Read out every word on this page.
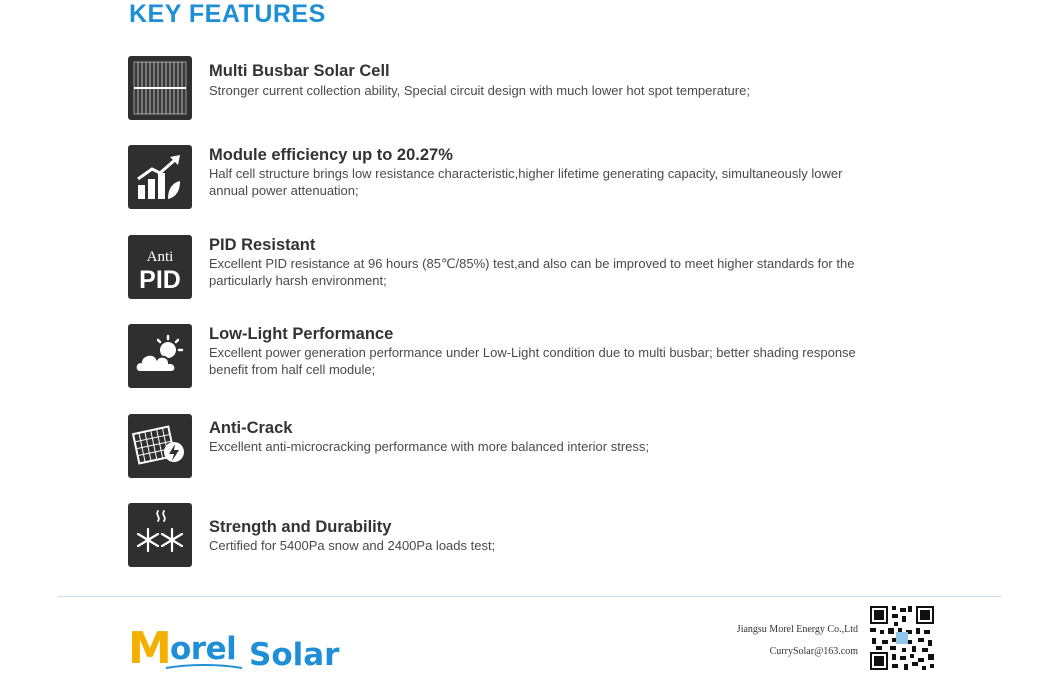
KEY FEATURES
Multi Busbar Solar Cell
Stronger current collection ability, Special circuit design with much lower hot spot temperature;
Module efficiency up to 20.27%
Half cell structure brings low resistance characteristic,higher lifetime generating capacity, simultaneously lower annual power attenuation;
Anti
PID
PID Resistant
Excellent PID resistance at 96 hours (85℃/85%) test,and also can be improved to meet higher standards for the particularly harsh environment;
Low-Light Performance
Excellent power generation performance under Low-Light condition due to multi busbar; better shading response benefit from half cell module;
Anti-Crack
Excellent anti-microcracking performance with more balanced interior stress;
Strength and Durability
Certified for 5400Pa snow and 2400Pa loads test;
M
orel Solar
Jiangsu Morel Energy Co.,Ltd
CurrySolar@163.com
